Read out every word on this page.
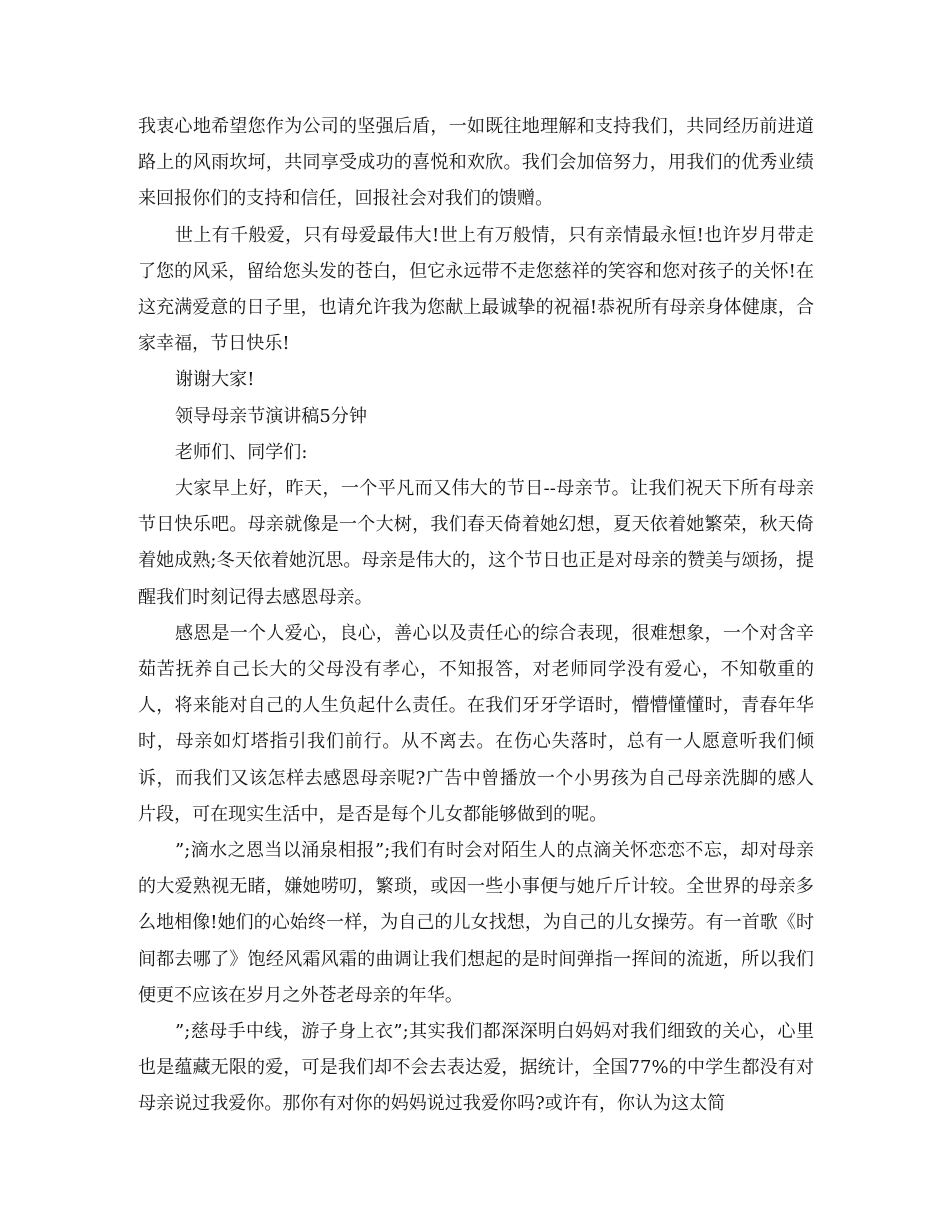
我衷心地希望您作为公司的坚强后盾，一如既往地理解和支持我们，共同经历前进道路上的风雨坎坷，共同享受成功的喜悦和欢欣。我们会加倍努力，用我们的优秀业绩来回报你们的支持和信任，回报社会对我们的馈赠。

世上有千般爱，只有母爱最伟大!世上有万般情，只有亲情最永恒!也许岁月带走了您的风采，留给您头发的苍白，但它永远带不走您慈祥的笑容和您对孩子的关怀!在这充满爱意的日子里，也请允许我为您献上最诚挚的祝福!恭祝所有母亲身体健康，合家幸福，节日快乐!

谢谢大家!

领导母亲节演讲稿5分钟

老师们、同学们:

大家早上好，昨天，一个平凡而又伟大的节日--母亲节。让我们祝天下所有母亲节日快乐吧。母亲就像是一个大树，我们春天倚着她幻想，夏天依着她繁荣，秋天倚着她成熟;冬天依着她沉思。母亲是伟大的，这个节日也正是对母亲的赞美与颂扬，提醒我们时刻记得去感恩母亲。

感恩是一个人爱心，良心，善心以及责任心的综合表现，很难想象，一个对含辛茹苦抚养自己长大的父母没有孝心，不知报答，对老师同学没有爱心，不知敬重的人，将来能对自己的人生负起什么责任。在我们牙牙学语时，懵懵懂懂时，青春年华时，母亲如灯塔指引我们前行。从不离去。在伤心失落时，总有一人愿意听我们倾诉，而我们又该怎样去感恩母亲呢?广告中曾播放一个小男孩为自己母亲洗脚的感人片段，可在现实生活中，是否是每个儿女都能够做到的呢。

”;滴水之恩当以涌泉相报”;我们有时会对陌生人的点滴关怀恋恋不忘，却对母亲的大爱熟视无睹，嫌她唠叨，繁琐，或因一些小事便与她斤斤计较。全世界的母亲多么地相像!她们的心始终一样，为自己的儿女找想，为自己的儿女操劳。有一首歌《时间都去哪了》饱经风霜风霜的曲调让我们想起的是时间弹指一挥间的流逝，所以我们便更不应该在岁月之外苍老母亲的年华。

”;慈母手中线，游子身上衣”;其实我们都深深明白妈妈对我们细致的关心，心里也是蕴藏无限的爱，可是我们却不会去表达爱，据统计，全国77%的中学生都没有对母亲说过我爱你。那你有对你的妈妈说过我爱你吗?或许有，你认为这太简
